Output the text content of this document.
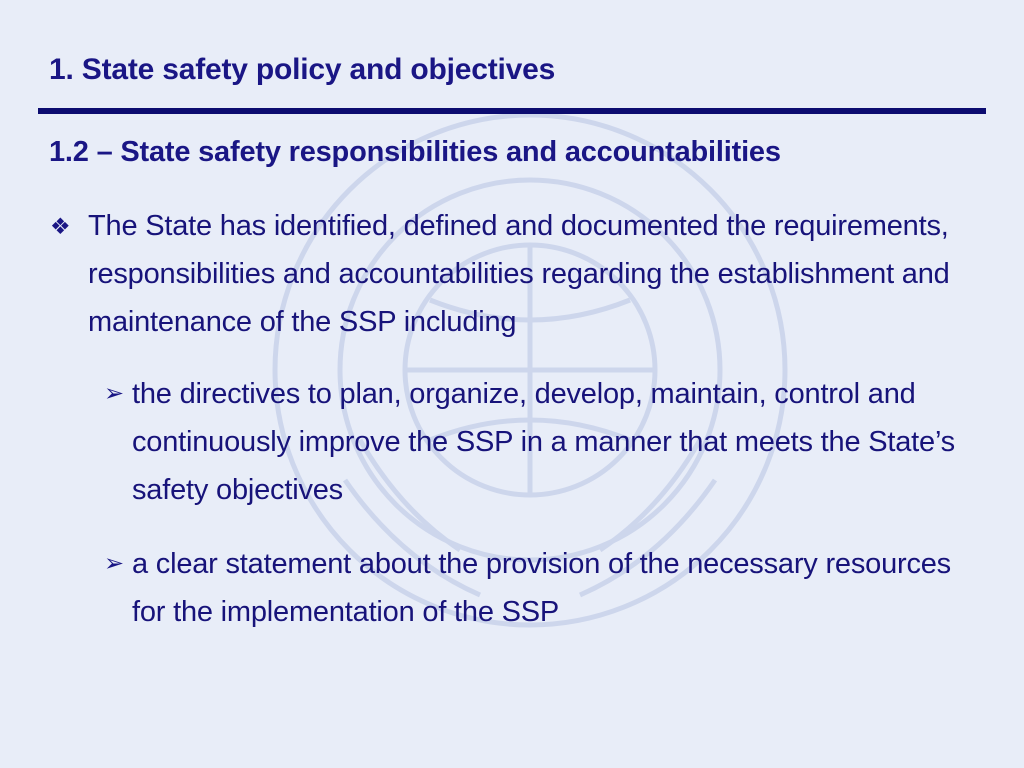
1. State safety policy and objectives
1.2 – State safety responsibilities and accountabilities
❖ The State has identified, defined and documented the requirements, responsibilities and accountabilities regarding the establishment and maintenance of the SSP including
➢ the directives to plan, organize, develop, maintain, control and continuously improve the SSP in a manner that meets the State’s safety objectives
➢ a clear statement about the provision of the necessary resources for the implementation of the SSP
